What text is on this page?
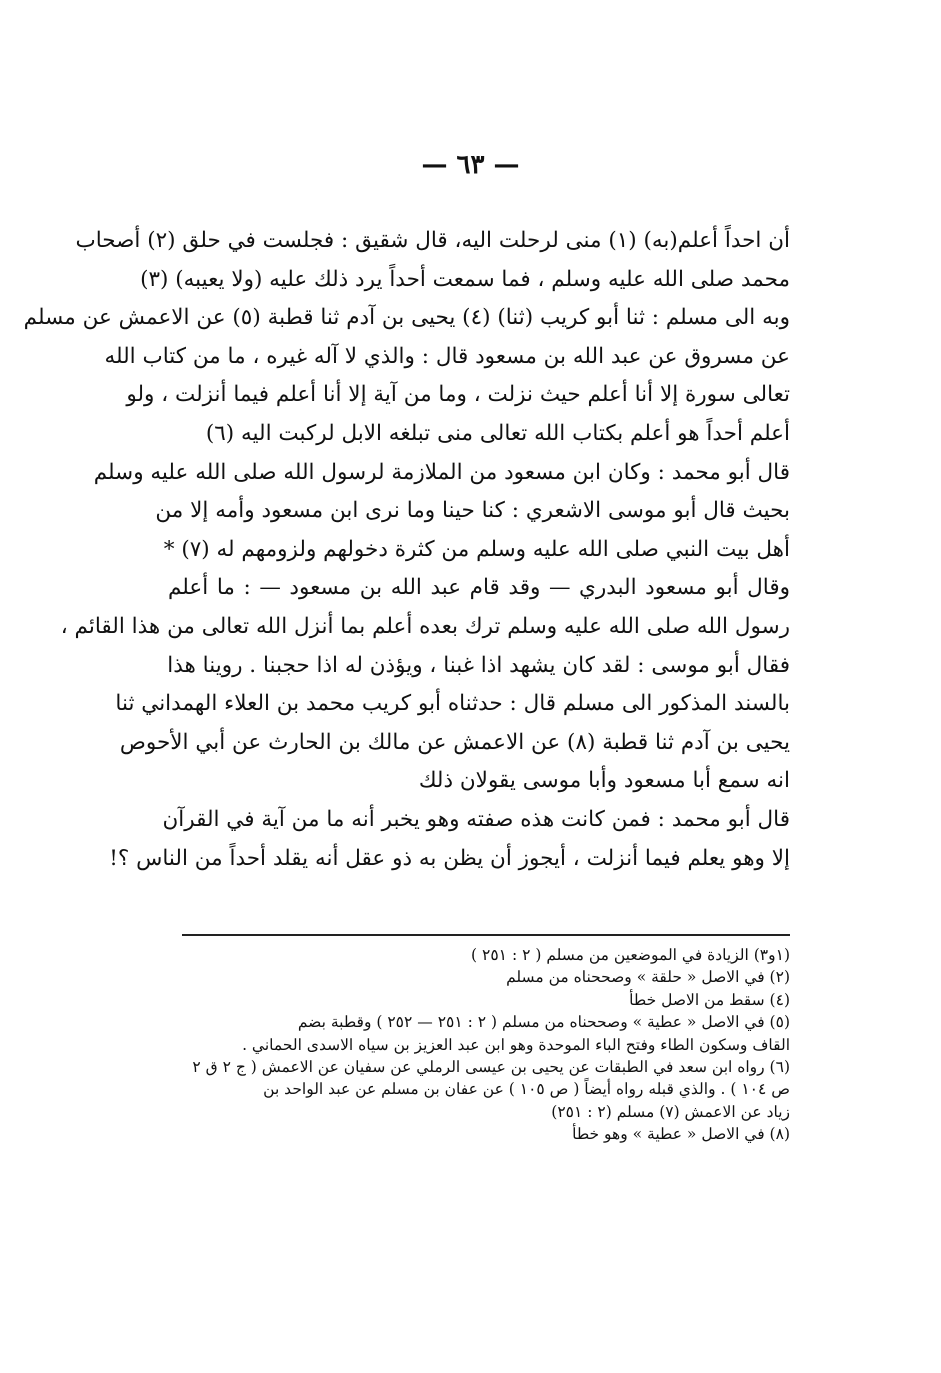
— ٦٣ —
أن احداً أعلم(به) (١) منى لرحلت اليه، قال شقيق : فجلست في حلق (٢) أصحاب
محمد صلى الله عليه وسلم ، فما سمعت أحداً يرد ذلك عليه (ولا يعيبه) (٣)
وبه الى مسلم : ثنا أبو كريب (ثنا) (٤) يحيى بن آدم ثنا قطبة (٥) عن الاعمش عن مسلم
عن مسروق عن عبد الله بن مسعود قال : والذي لا آله غيره ، ما من كتاب الله
تعالى سورة إلا أنا أعلم حيث نزلت ، وما من آية إلا أنا أعلم فيما أنزلت ، ولو
أعلم أحداً هو أعلم بكتاب الله تعالى منى تبلغه الابل لركبت اليه (٦)
قال أبو محمد : وكان ابن مسعود من الملازمة لرسول الله صلى الله عليه وسلم
بحيث قال أبو موسى الاشعري : كنا حينا وما نرى ابن مسعود وأمه إلا من
أهل بيت النبي صلى الله عليه وسلم من كثرة دخولهم ولزومهم له (٧) *
وقال أبو مسعود البدري — وقد قام عبد الله بن مسعود — : ما أعلم
رسول الله صلى الله عليه وسلم ترك بعده أعلم بما أنزل الله تعالى من هذا القائم ،
فقال أبو موسى : لقد كان يشهد اذا غبنا ، ويؤذن له اذا حجبنا . روينا هذا
بالسند المذكور الى مسلم قال : حدثناه أبو كريب محمد بن العلاء الهمداني ثنا
يحيى بن آدم ثنا قطبة (٨) عن الاعمش عن مالك بن الحارث عن أبي الأحوص
انه سمع أبا مسعود وأبا موسى يقولان ذلك
قال أبو محمد : فمن كانت هذه صفته وهو يخبر أنه ما من آية في القرآن
إلا وهو يعلم فيما أنزلت ، أيجوز أن يظن به ذو عقل أنه يقلد أحداً من الناس ؟!
(١و٣) الزيادة في الموضعين من مسلم ( ٢ : ٢٥١ )
(٢) في الاصل « حلقة » وصححناه من مسلم
(٤) سقط من الاصل خطأ
(٥) في الاصل « عطية » وصححناه من مسلم ( ٢ : ٢٥١ — ٢٥٢ ) وقطبة بضم
القاف وسكون الطاء وفتح الباء الموحدة وهو ابن عبد العزيز بن سياه الاسدى الحماني .
(٦) رواه ابن سعد في الطبقات عن يحيى بن عيسى الرملي عن سفيان عن الاعمش ( ج ٢ ق ٢
ص ١٠٤ ) . والذي قبله رواه أيضاً ( ص ١٠٥ ) عن عفان بن مسلم عن عبد الواحد بن
زياد عن الاعمش (٧) مسلم (٢ : ٢٥١)
(٨) في الاصل « عطية » وهو خطأ
